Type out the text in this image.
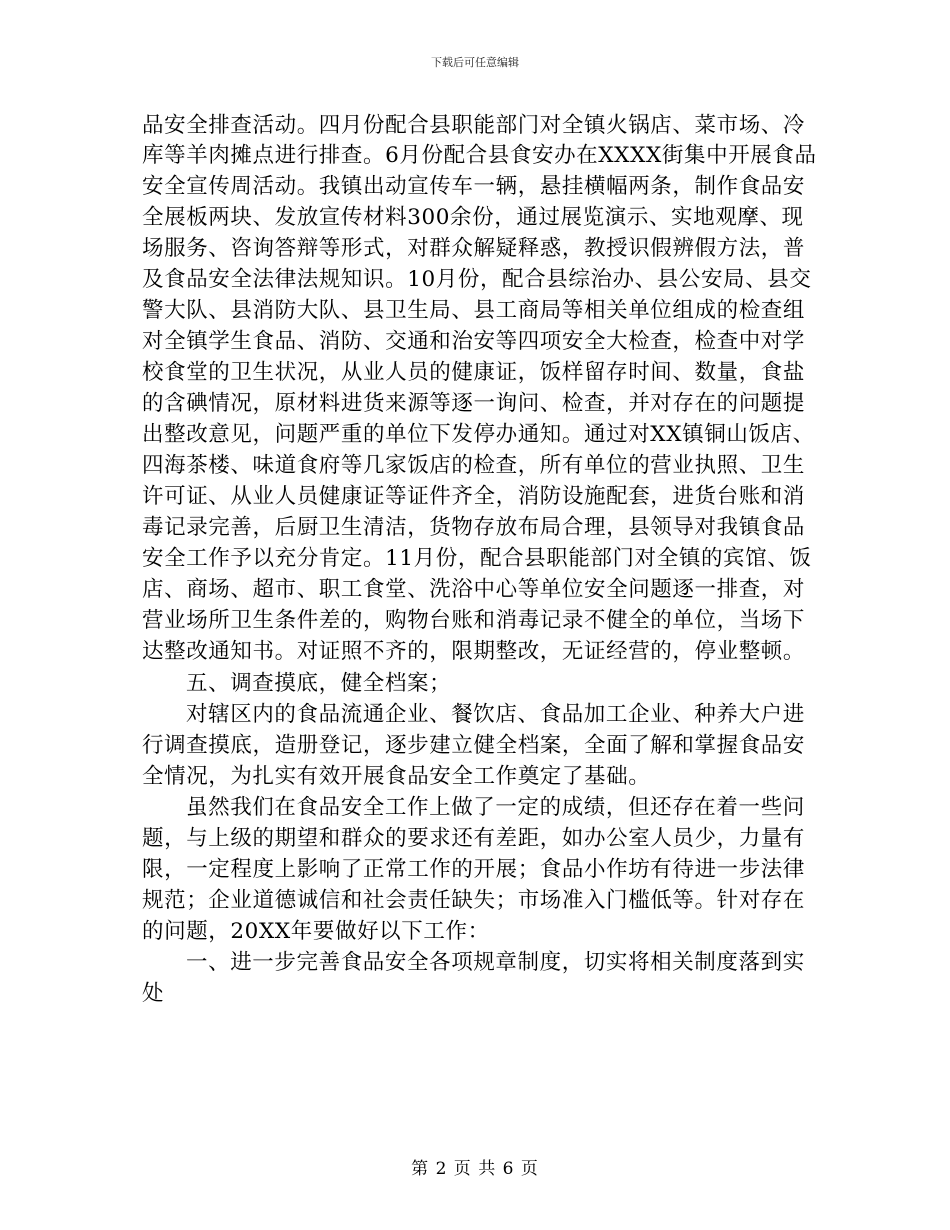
下载后可任意编辑
品安全排查活动。四月份配合县职能部门对全镇火锅店、菜市场、冷
库等羊肉摊点进行排查。6月份配合县食安办在XXXX街集中开展食品
安全宣传周活动。我镇出动宣传车一辆，悬挂横幅两条，制作食品安
全展板两块、发放宣传材料300余份，通过展览演示、实地观摩、现
场服务、咨询答辩等形式，对群众解疑释惑，教授识假辨假方法，普
及食品安全法律法规知识。10月份，配合县综治办、县公安局、县交
警大队、县消防大队、县卫生局、县工商局等相关单位组成的检查组
对全镇学生食品、消防、交通和治安等四项安全大检查，检查中对学
校食堂的卫生状况，从业人员的健康证，饭样留存时间、数量，食盐
的含碘情况，原材料进货来源等逐一询问、检查，并对存在的问题提
出整改意见，问题严重的单位下发停办通知。通过对XX镇铜山饭店、
四海茶楼、味道食府等几家饭店的检查，所有单位的营业执照、卫生
许可证、从业人员健康证等证件齐全，消防设施配套，进货台账和消
毒记录完善，后厨卫生清洁，货物存放布局合理，县领导对我镇食品
安全工作予以充分肯定。11月份，配合县职能部门对全镇的宾馆、饭
店、商场、超市、职工食堂、洗浴中心等单位安全问题逐一排查，对
营业场所卫生条件差的，购物台账和消毒记录不健全的单位，当场下
达整改通知书。对证照不齐的，限期整改，无证经营的，停业整顿。
五、调查摸底，健全档案；
对辖区内的食品流通企业、餐饮店、食品加工企业、种养大户进
行调查摸底，造册登记，逐步建立健全档案，全面了解和掌握食品安
全情况，为扎实有效开展食品安全工作奠定了基础。
虽然我们在食品安全工作上做了一定的成绩，但还存在着一些问
题，与上级的期望和群众的要求还有差距，如办公室人员少，力量有
限，一定程度上影响了正常工作的开展；食品小作坊有待进一步法律
规范；企业道德诚信和社会责任缺失；市场准入门槛低等。针对存在
的问题，20XX年要做好以下工作：
一、进一步完善食品安全各项规章制度，切实将相关制度落到实
处
第 2 页 共 6 页
